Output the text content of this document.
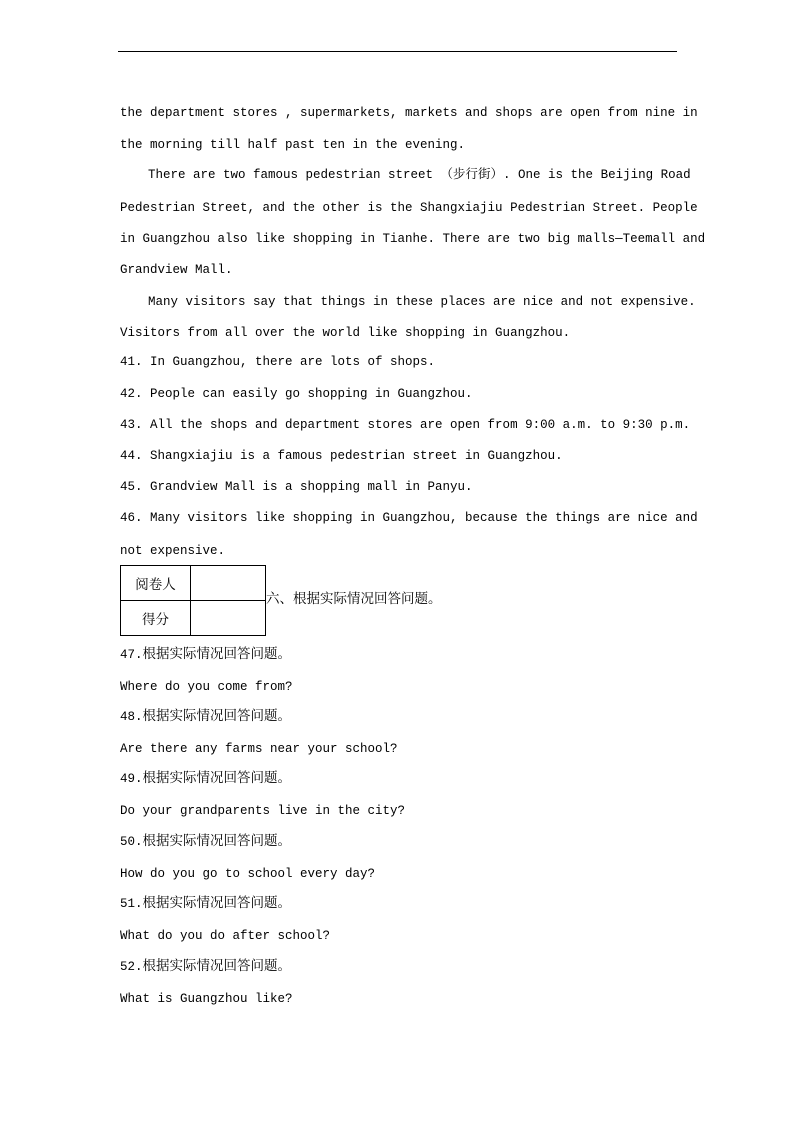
the department stores , supermarkets, markets and shops are open from nine in
the morning till half past ten in the evening.
There are two famous pedestrian street （步行街）. One is the Beijing Road
Pedestrian Street, and the other is the Shangxiajiu Pedestrian Street. People
in Guangzhou also like shopping in Tianhe. There are two big malls—Teemall and
Grandview Mall.
Many visitors say that things in these places are nice and not expensive.
Visitors from all over the world like shopping in Guangzhou.
41. In Guangzhou, there are lots of shops.
42. People can easily go shopping in Guangzhou.
43. All the shops and department stores are open from 9:00 a.m. to 9:30 p.m.
44. Shangxiajiu is a famous pedestrian street in Guangzhou.
45. Grandview Mall is a shopping mall in Panyu.
46. Many visitors like shopping in Guangzhou, because the things are nice and
not expensive.
阅卷人	
得分	
六、根据实际情况回答问题。
47.根据实际情况回答问题。
Where do you come from?
48.根据实际情况回答问题。
Are there any farms near your school?
49.根据实际情况回答问题。
Do your grandparents live in the city?
50.根据实际情况回答问题。
How do you go to school every day?
51.根据实际情况回答问题。
What do you do after school?
52.根据实际情况回答问题。
What is Guangzhou like?
